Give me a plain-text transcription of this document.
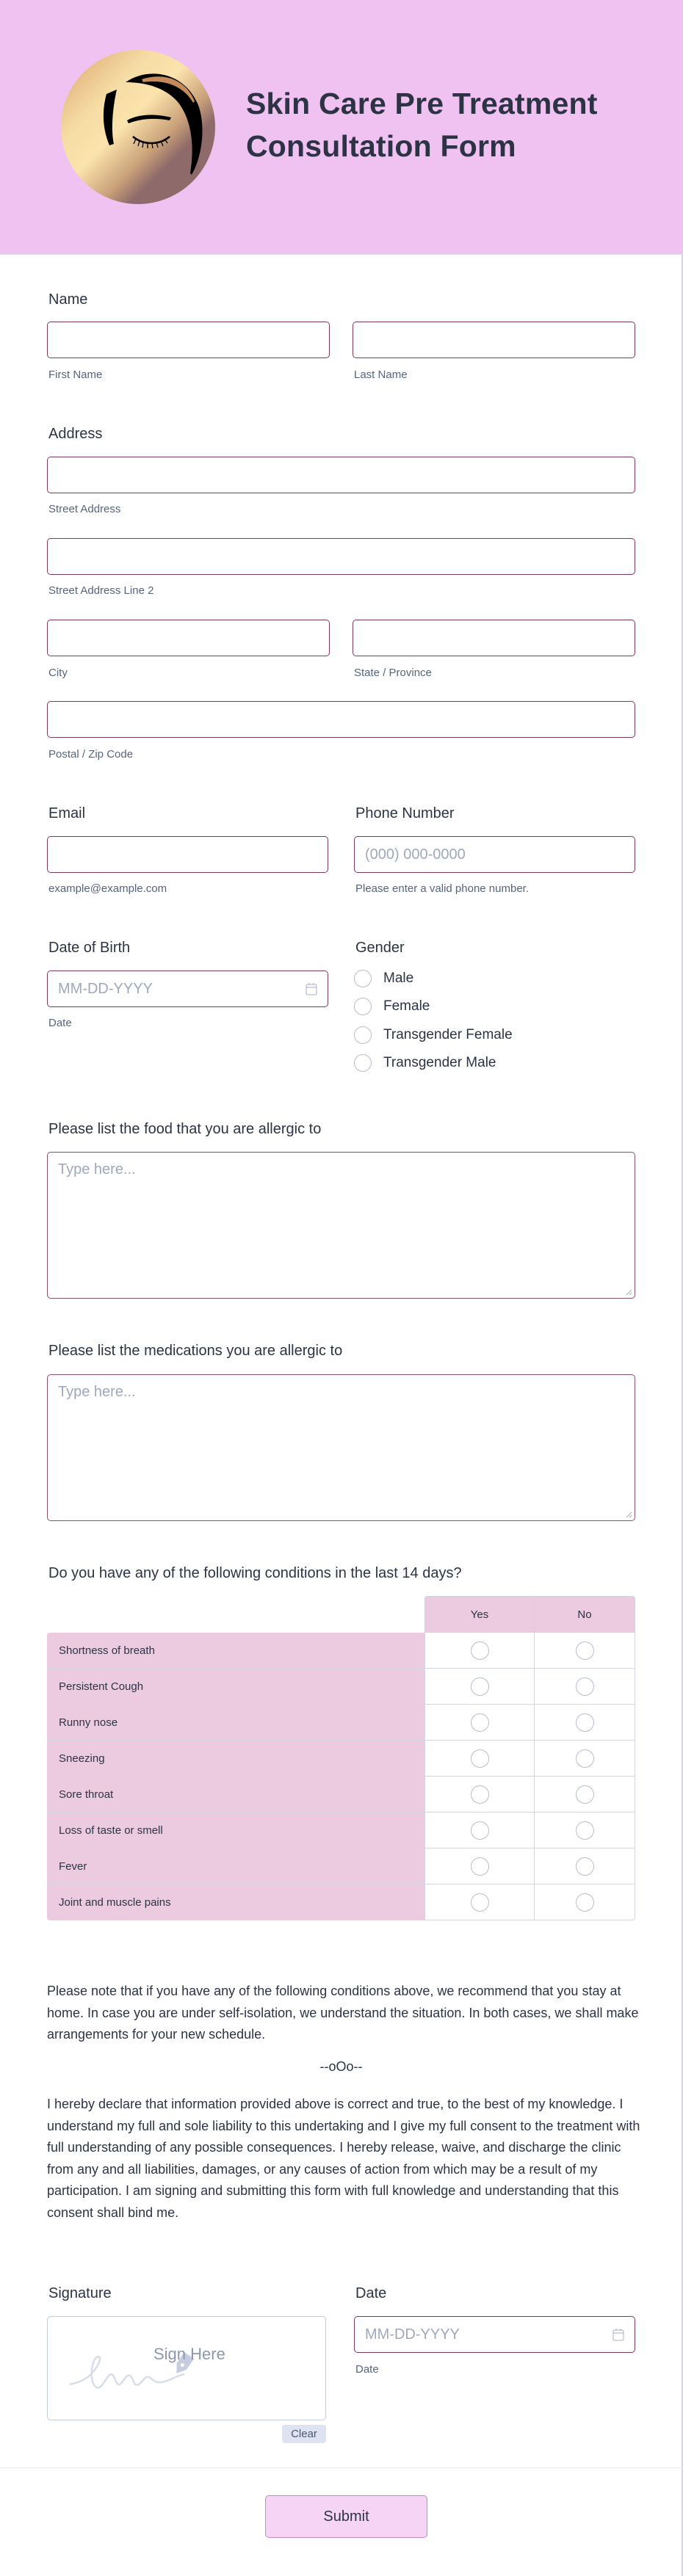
Skin Care Pre Treatment Consultation Form
Name
First Name	Last Name
Address
Street Address
Street Address Line 2
City	State / Province
Postal / Zip Code
Email
example@example.com
Phone Number
(000) 000-0000
Please enter a valid phone number.
Date of Birth
MM-DD-YYYY
Date
Gender
Male
Female
Transgender Female
Transgender Male
Please list the food that you are allergic to
Type here...
Please list the medications you are allergic to
Type here...
Do you have any of the following conditions in the last 14 days?
Yes	No
Shortness of breath
Persistent Cough
Runny nose
Sneezing
Sore throat
Loss of taste or smell
Fever
Joint and muscle pains
Please note that if you have any of the following conditions above, we recommend that you stay at home. In case you are under self-isolation, we understand the situation. In both cases, we shall make arrangements for your new schedule.
--oOo--
I hereby declare that information provided above is correct and true, to the best of my knowledge. I understand my full and sole liability to this undertaking and I give my full consent to the treatment with full understanding of any possible consequences. I hereby release, waive, and discharge the clinic from any and all liabilities, damages, or any causes of action from which may be a result of my participation. I am signing and submitting this form with full knowledge and understanding that this consent shall bind me.
Signature
Sign Here
Clear
Date
MM-DD-YYYY
Date
Submit
